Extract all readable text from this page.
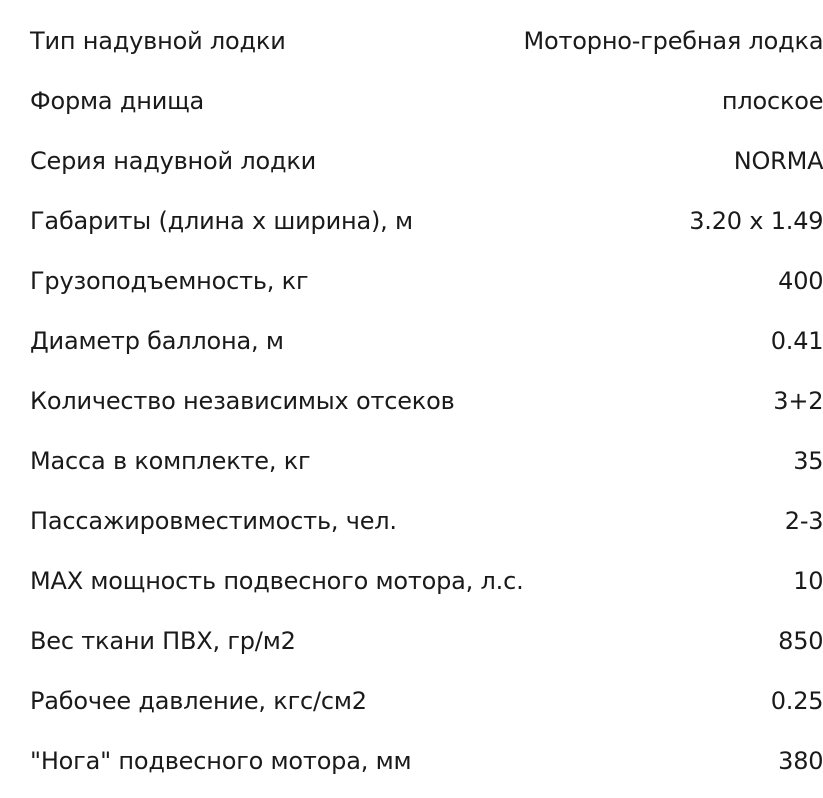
Тип надувной лодки	Моторно-гребная лодка
Форма днища	плоское
Серия надувной лодки	NORMA
Габариты (длина х ширина), м	3.20 х 1.49
Грузоподъемность, кг	400
Диаметр баллона, м	0.41
Количество независимых отсеков	3+2
Масса в комплекте, кг	35
Пассажировместимость, чел.	2-3
MAX мощность подвесного мотора, л.с.	10
Вес ткани ПВХ, гр/м2	850
Рабочее давление, кгс/см2	0.25
"Нога" подвесного мотора, мм	380
